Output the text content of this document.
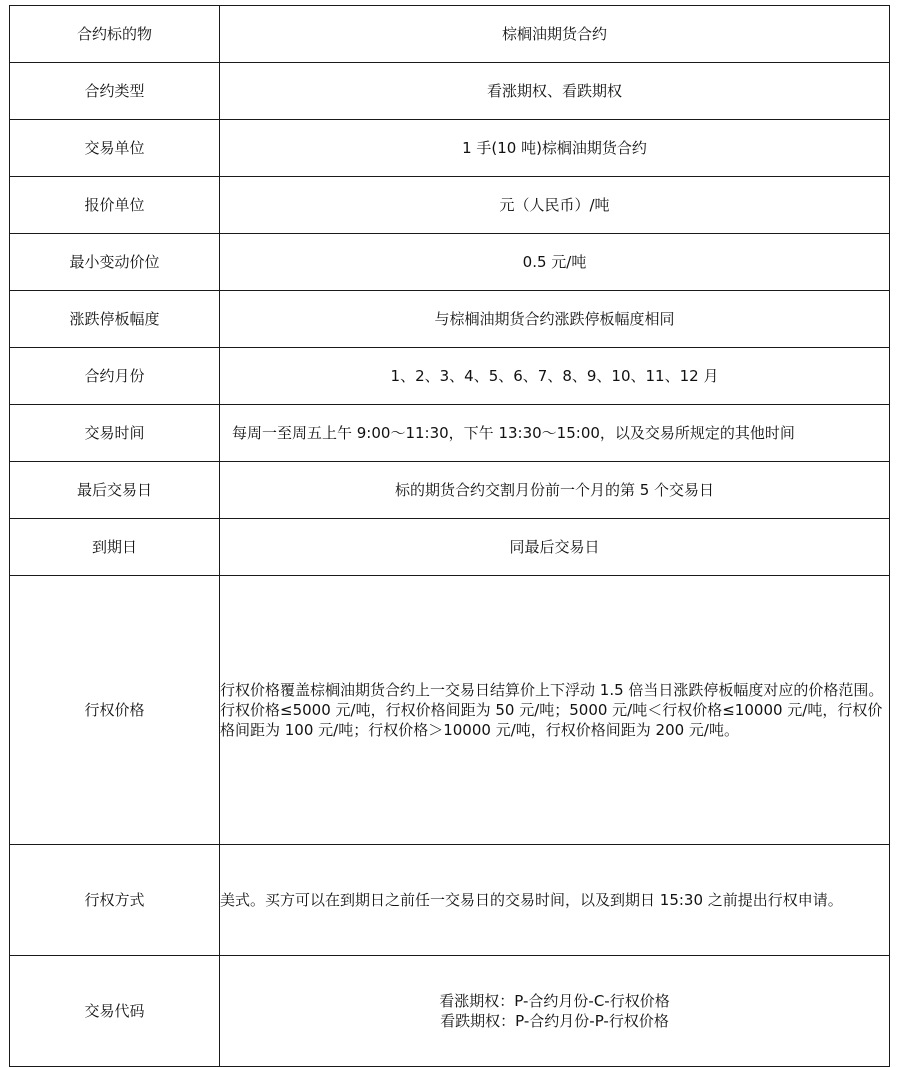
合约标的物	棕榈油期货合约
合约类型	看涨期权、看跌期权
交易单位	1 手(10 吨)棕榈油期货合约
报价单位	元（人民币）/吨
最小变动价位	0.5 元/吨
涨跌停板幅度	与棕榈油期货合约涨跌停板幅度相同
合约月份	1、2、3、4、5、6、7、8、9、10、11、12 月
交易时间	每周一至周五上午 9:00～11:30，下午 13:30～15:00，以及交易所规定的其他时间
最后交易日	标的期货合约交割月份前一个月的第 5 个交易日
到期日	同最后交易日
行权价格	行权价格覆盖棕榈油期货合约上一交易日结算价上下浮动 1.5 倍当日涨跌停板幅度对应的价格范围。行权价格≤5000 元/吨，行权价格间距为 50 元/吨；5000 元/吨＜行权价格≤10000 元/吨，行权价格间距为 100 元/吨；行权价格＞10000 元/吨，行权价格间距为 200 元/吨。
行权方式	美式。买方可以在到期日之前任一交易日的交易时间，以及到期日 15:30 之前提出行权申请。
交易代码	看涨期权：P-合约月份-C-行权价格
看跌期权：P-合约月份-P-行权价格
